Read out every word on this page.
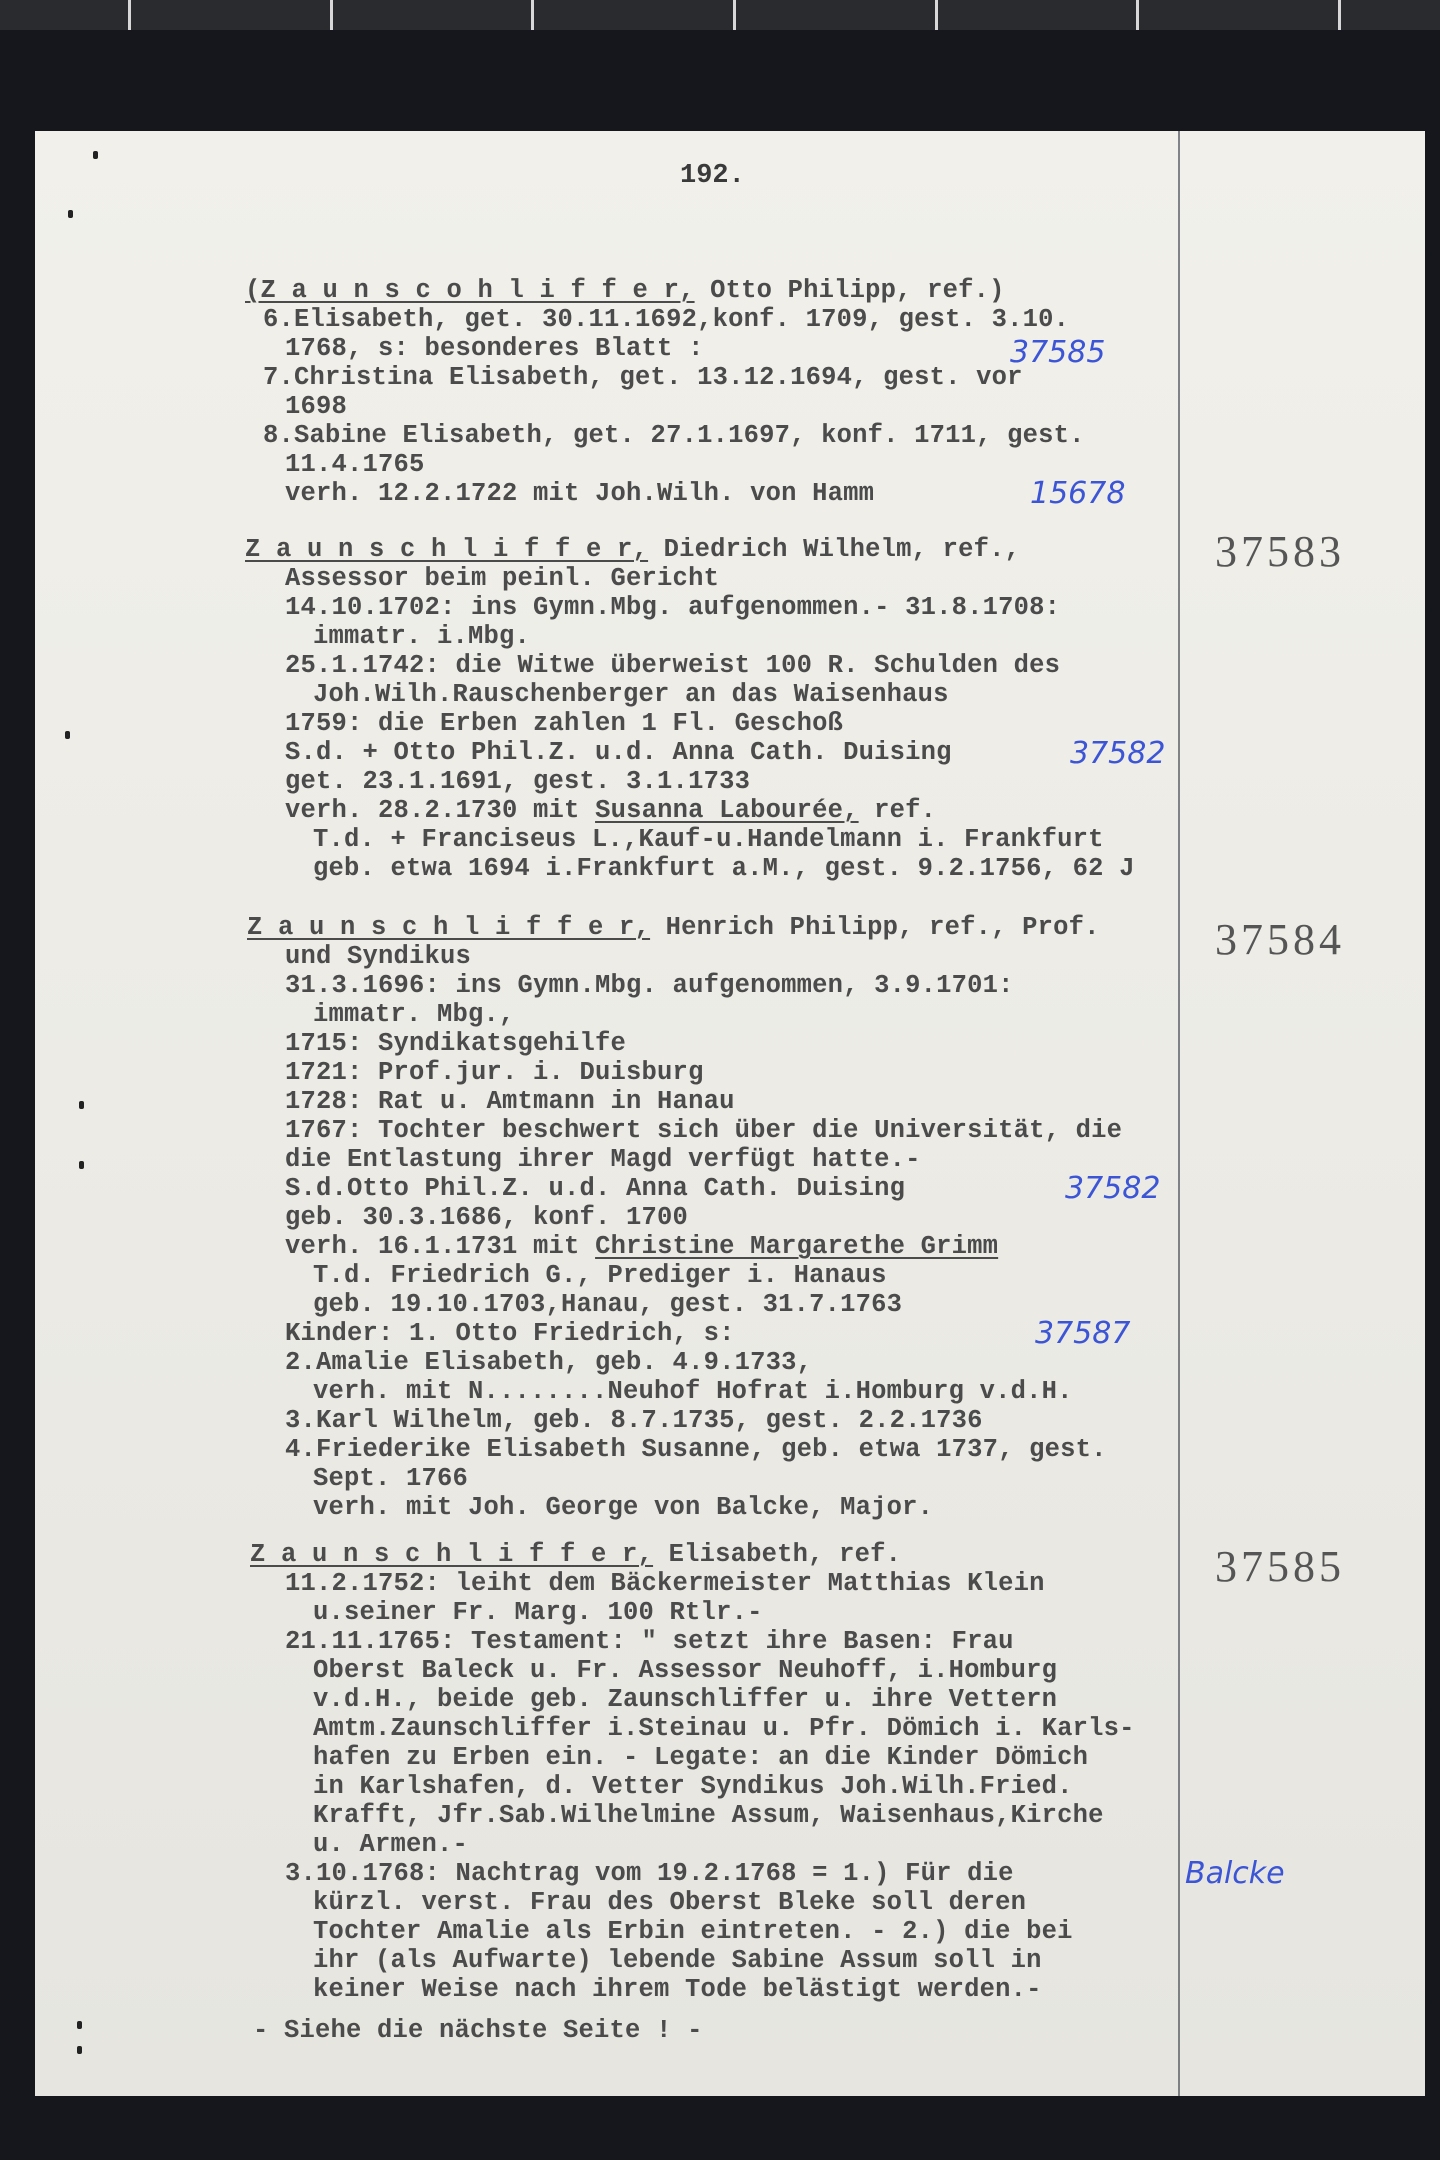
192.
(Z a u n s c o h l i f f e r, Otto Philipp, ref.)
6.Elisabeth, get. 30.11.1692,konf. 1709, gest. 3.10.
1768, s: besonderes Blatt :	37585
7.Christina Elisabeth, get. 13.12.1694, gest. vor
1698
8.Sabine Elisabeth, get. 27.1.1697, konf. 1711, gest.
11.4.1765
verh. 12.2.1722 mit Joh.Wilh. von Hamm	15678
37583
Z a u n s c h l i f f e r, Diedrich Wilhelm, ref.,
Assessor beim peinl. Gericht
14.10.1702: ins Gymn.Mbg. aufgenommen.- 31.8.1708:
immatr. i.Mbg.
25.1.1742: die Witwe überweist 100 R. Schulden des
Joh.Wilh.Rauschenberger an das Waisenhaus
1759: die Erben zahlen 1 Fl. Geschoß
S.d. + Otto Phil.Z. u.d. Anna Cath. Duising	37582
get. 23.1.1691, gest. 3.1.1733
verh. 28.2.1730 mit Susanna Labourée, ref.
T.d. + Franciseus L.,Kauf-u.Handelmann i. Frankfurt
geb. etwa 1694 i.Frankfurt a.M., gest. 9.2.1756, 62 J
37584
Z a u n s c h l i f f e r, Henrich Philipp, ref., Prof.
und Syndikus
31.3.1696: ins Gymn.Mbg. aufgenommen, 3.9.1701:
immatr. Mbg.,
1715: Syndikatsgehilfe
1721: Prof.jur. i. Duisburg
1728: Rat u. Amtmann in Hanau
1767: Tochter beschwert sich über die Universität, die
die Entlastung ihrer Magd verfügt hatte.-
S.d.Otto Phil.Z. u.d. Anna Cath. Duising	37582
geb. 30.3.1686, konf. 1700
verh. 16.1.1731 mit Christine Margarethe Grimm
T.d. Friedrich G., Prediger i. Hanaus
geb. 19.10.1703,Hanau, gest. 31.7.1763
Kinder: 1. Otto Friedrich, s:	37587
2.Amalie Elisabeth, geb. 4.9.1733,
verh. mit N........Neuhof Hofrat i.Homburg v.d.H.
3.Karl Wilhelm, geb. 8.7.1735, gest. 2.2.1736
4.Friederike Elisabeth Susanne, geb. etwa 1737, gest.
Sept. 1766
verh. mit Joh. George von Balcke, Major.
37585
Z a u n s c h l i f f e r, Elisabeth, ref.
11.2.1752: leiht dem Bäckermeister Matthias Klein
u.seiner Fr. Marg. 100 Rtlr.-
21.11.1765: Testament: " setzt ihre Basen: Frau
Oberst Baleck u. Fr. Assessor Neuhoff, i.Homburg
v.d.H., beide geb. Zaunschliffer u. ihre Vettern
Amtm.Zaunschliffer i.Steinau u. Pfr. Dömich i. Karls-
hafen zu Erben ein. - Legate: an die Kinder Dömich
in Karlshafen, d. Vetter Syndikus Joh.Wilh.Fried.
Krafft, Jfr.Sab.Wilhelmine Assum, Waisenhaus,Kirche
u. Armen.-
3.10.1768: Nachtrag vom 19.2.1768 = 1.) Für die	Balcke
kürzl. verst. Frau des Oberst Bleke soll deren
Tochter Amalie als Erbin eintreten. - 2.) die bei
ihr (als Aufwarte) lebende Sabine Assum soll in
keiner Weise nach ihrem Tode belästigt werden.-
- Siehe die nächste Seite ! -
